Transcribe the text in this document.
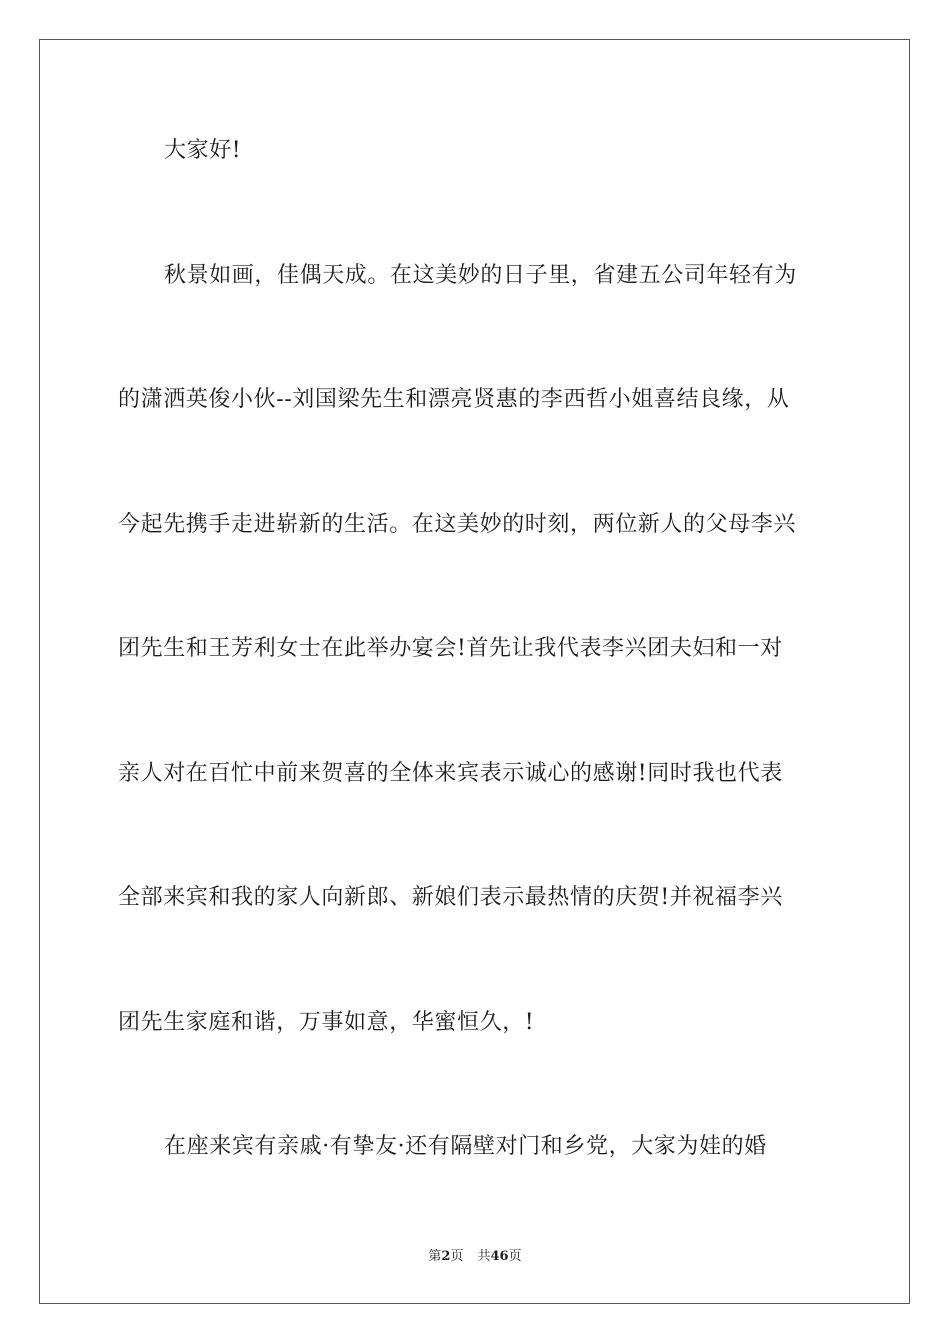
大家好!
秋景如画，佳偶天成。在这美妙的日子里，省建五公司年轻有为
的潇洒英俊小伙--刘国梁先生和漂亮贤惠的李西哲小姐喜结良缘，从
今起先携手走进崭新的生活。在这美妙的时刻，两位新人的父母李兴
团先生和王芳利女士在此举办宴会!首先让我代表李兴团夫妇和一对
亲人对在百忙中前来贺喜的全体来宾表示诚心的感谢!同时我也代表
全部来宾和我的家人向新郎、新娘们表示最热情的庆贺!并祝福李兴
团先生家庭和谐，万事如意，华蜜恒久，!
在座来宾有亲戚·有挚友·还有隔壁对门和乡党，大家为娃的婚
第2页 共46页
